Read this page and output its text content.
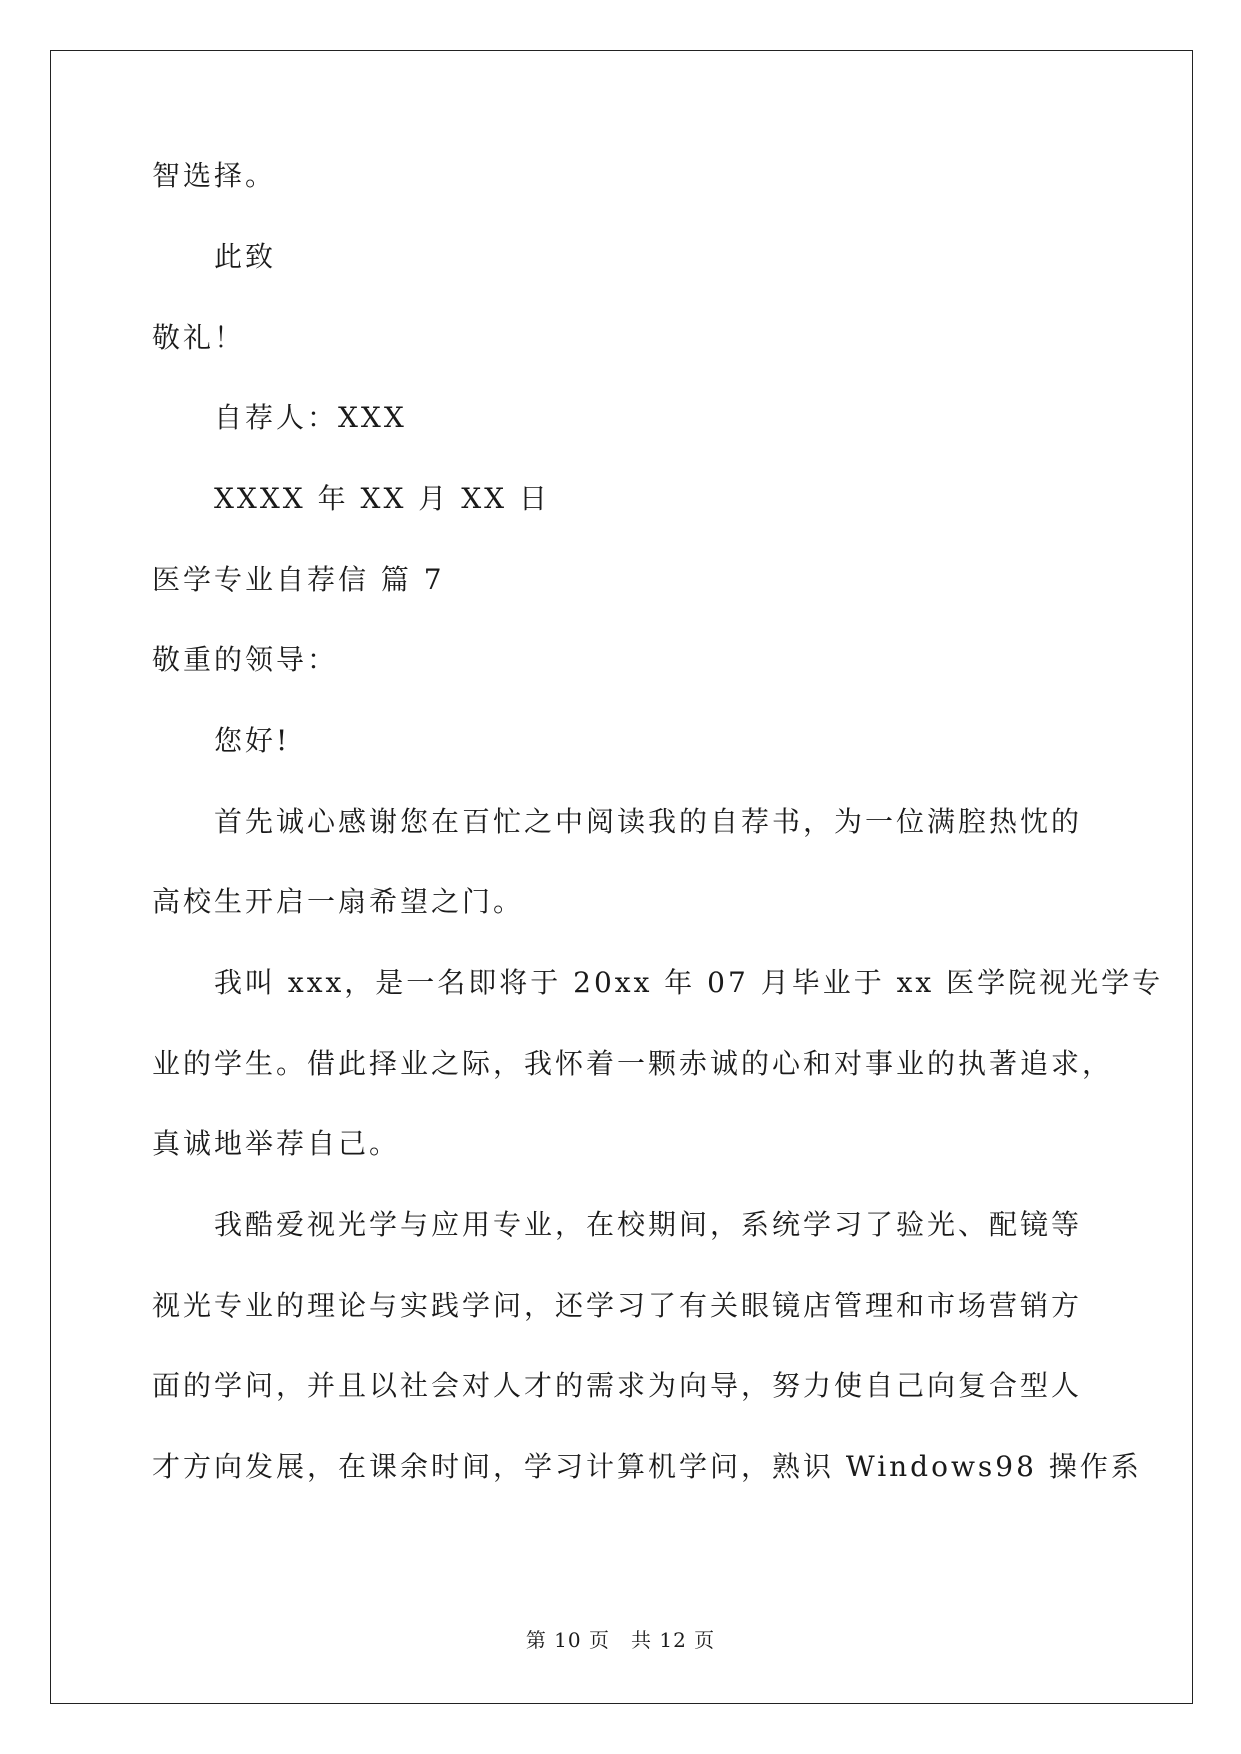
智选择。
此致
敬礼！
自荐人：XXX
XXXX 年 XX 月 XX 日
医学专业自荐信 篇 7
敬重的领导：
您好!
首先诚心感谢您在百忙之中阅读我的自荐书，为一位满腔热忱的
高校生开启一扇希望之门。
我叫 xxx，是一名即将于 20xx 年 07 月毕业于 xx 医学院视光学专
业的学生。借此择业之际，我怀着一颗赤诚的心和对事业的执著追求，
真诚地举荐自己。
我酷爱视光学与应用专业，在校期间，系统学习了验光、配镜等
视光专业的理论与实践学问，还学习了有关眼镜店管理和市场营销方
面的学问，并且以社会对人才的需求为向导，努力使自己向复合型人
才方向发展，在课余时间，学习计算机学问，熟识 Windows98 操作系
第 10 页　共 12 页
